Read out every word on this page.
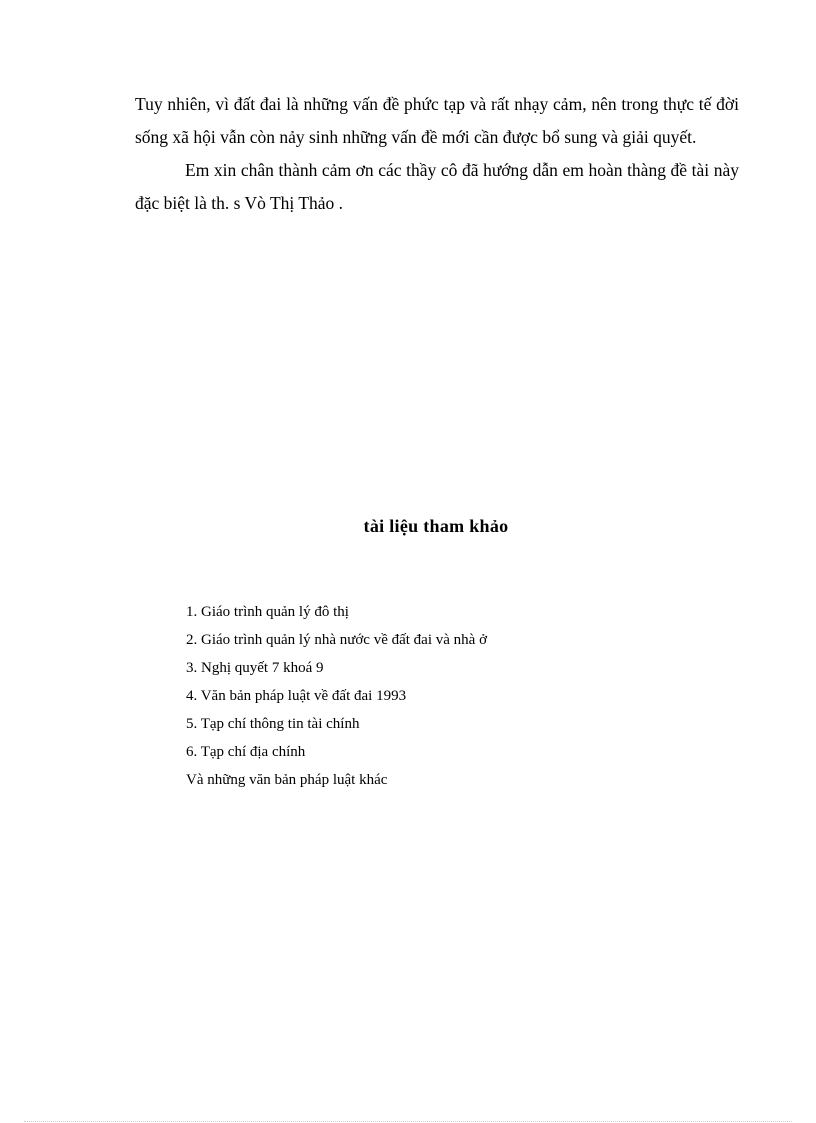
Tuy nhiên, vì đất đai là những vấn đề phức tạp và rất nhạy cảm, nên trong thực tế đời sống xã hội vẫn còn nảy sinh những vấn đề mới cần được bổ sung và giải quyết.

Em xin chân thành cảm ơn các thầy cô đã hướng dẫn em hoàn thàng đề tài này đặc biệt là th. s Vò Thị Thảo .

tài liệu tham khảo
1. Giáo trình quản lý đô thị
2. Giáo trình quản lý nhà nước về đất đai và nhà ở
3. Nghị quyết 7 khoá 9
4. Văn bản pháp luật về đất đai 1993
5. Tạp chí thông tin tài chính
6. Tạp chí địa chính
Và những văn bản pháp luật khác
